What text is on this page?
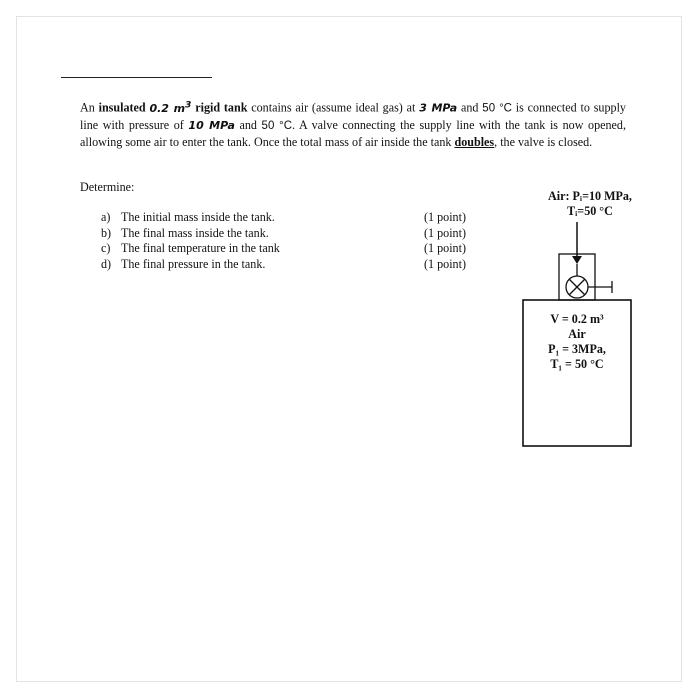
An insulated 0.2 $m^3$ rigid tank contains air (assume ideal gas) at 3 MPa and 50 °C is connected to supply line with pressure of 10 MPa and 50 °C. A valve connecting the supply line with the tank is now opened, allowing some air to enter the tank. Once the total mass of air inside the tank doubles, the valve is closed.

Determine:

a) The initial mass inside the tank.
b) The final mass inside the tank.
c) The final temperature in the tank
d) The final pressure in the tank.
(1 point)
(1 point)
(1 point)
(1 point)
Air: Pᵢ=10 MPa,
Tᵢ=50 °C
V = 0.2 m³
Air
P₁ = 3MPa,
T₁ = 50 °C
